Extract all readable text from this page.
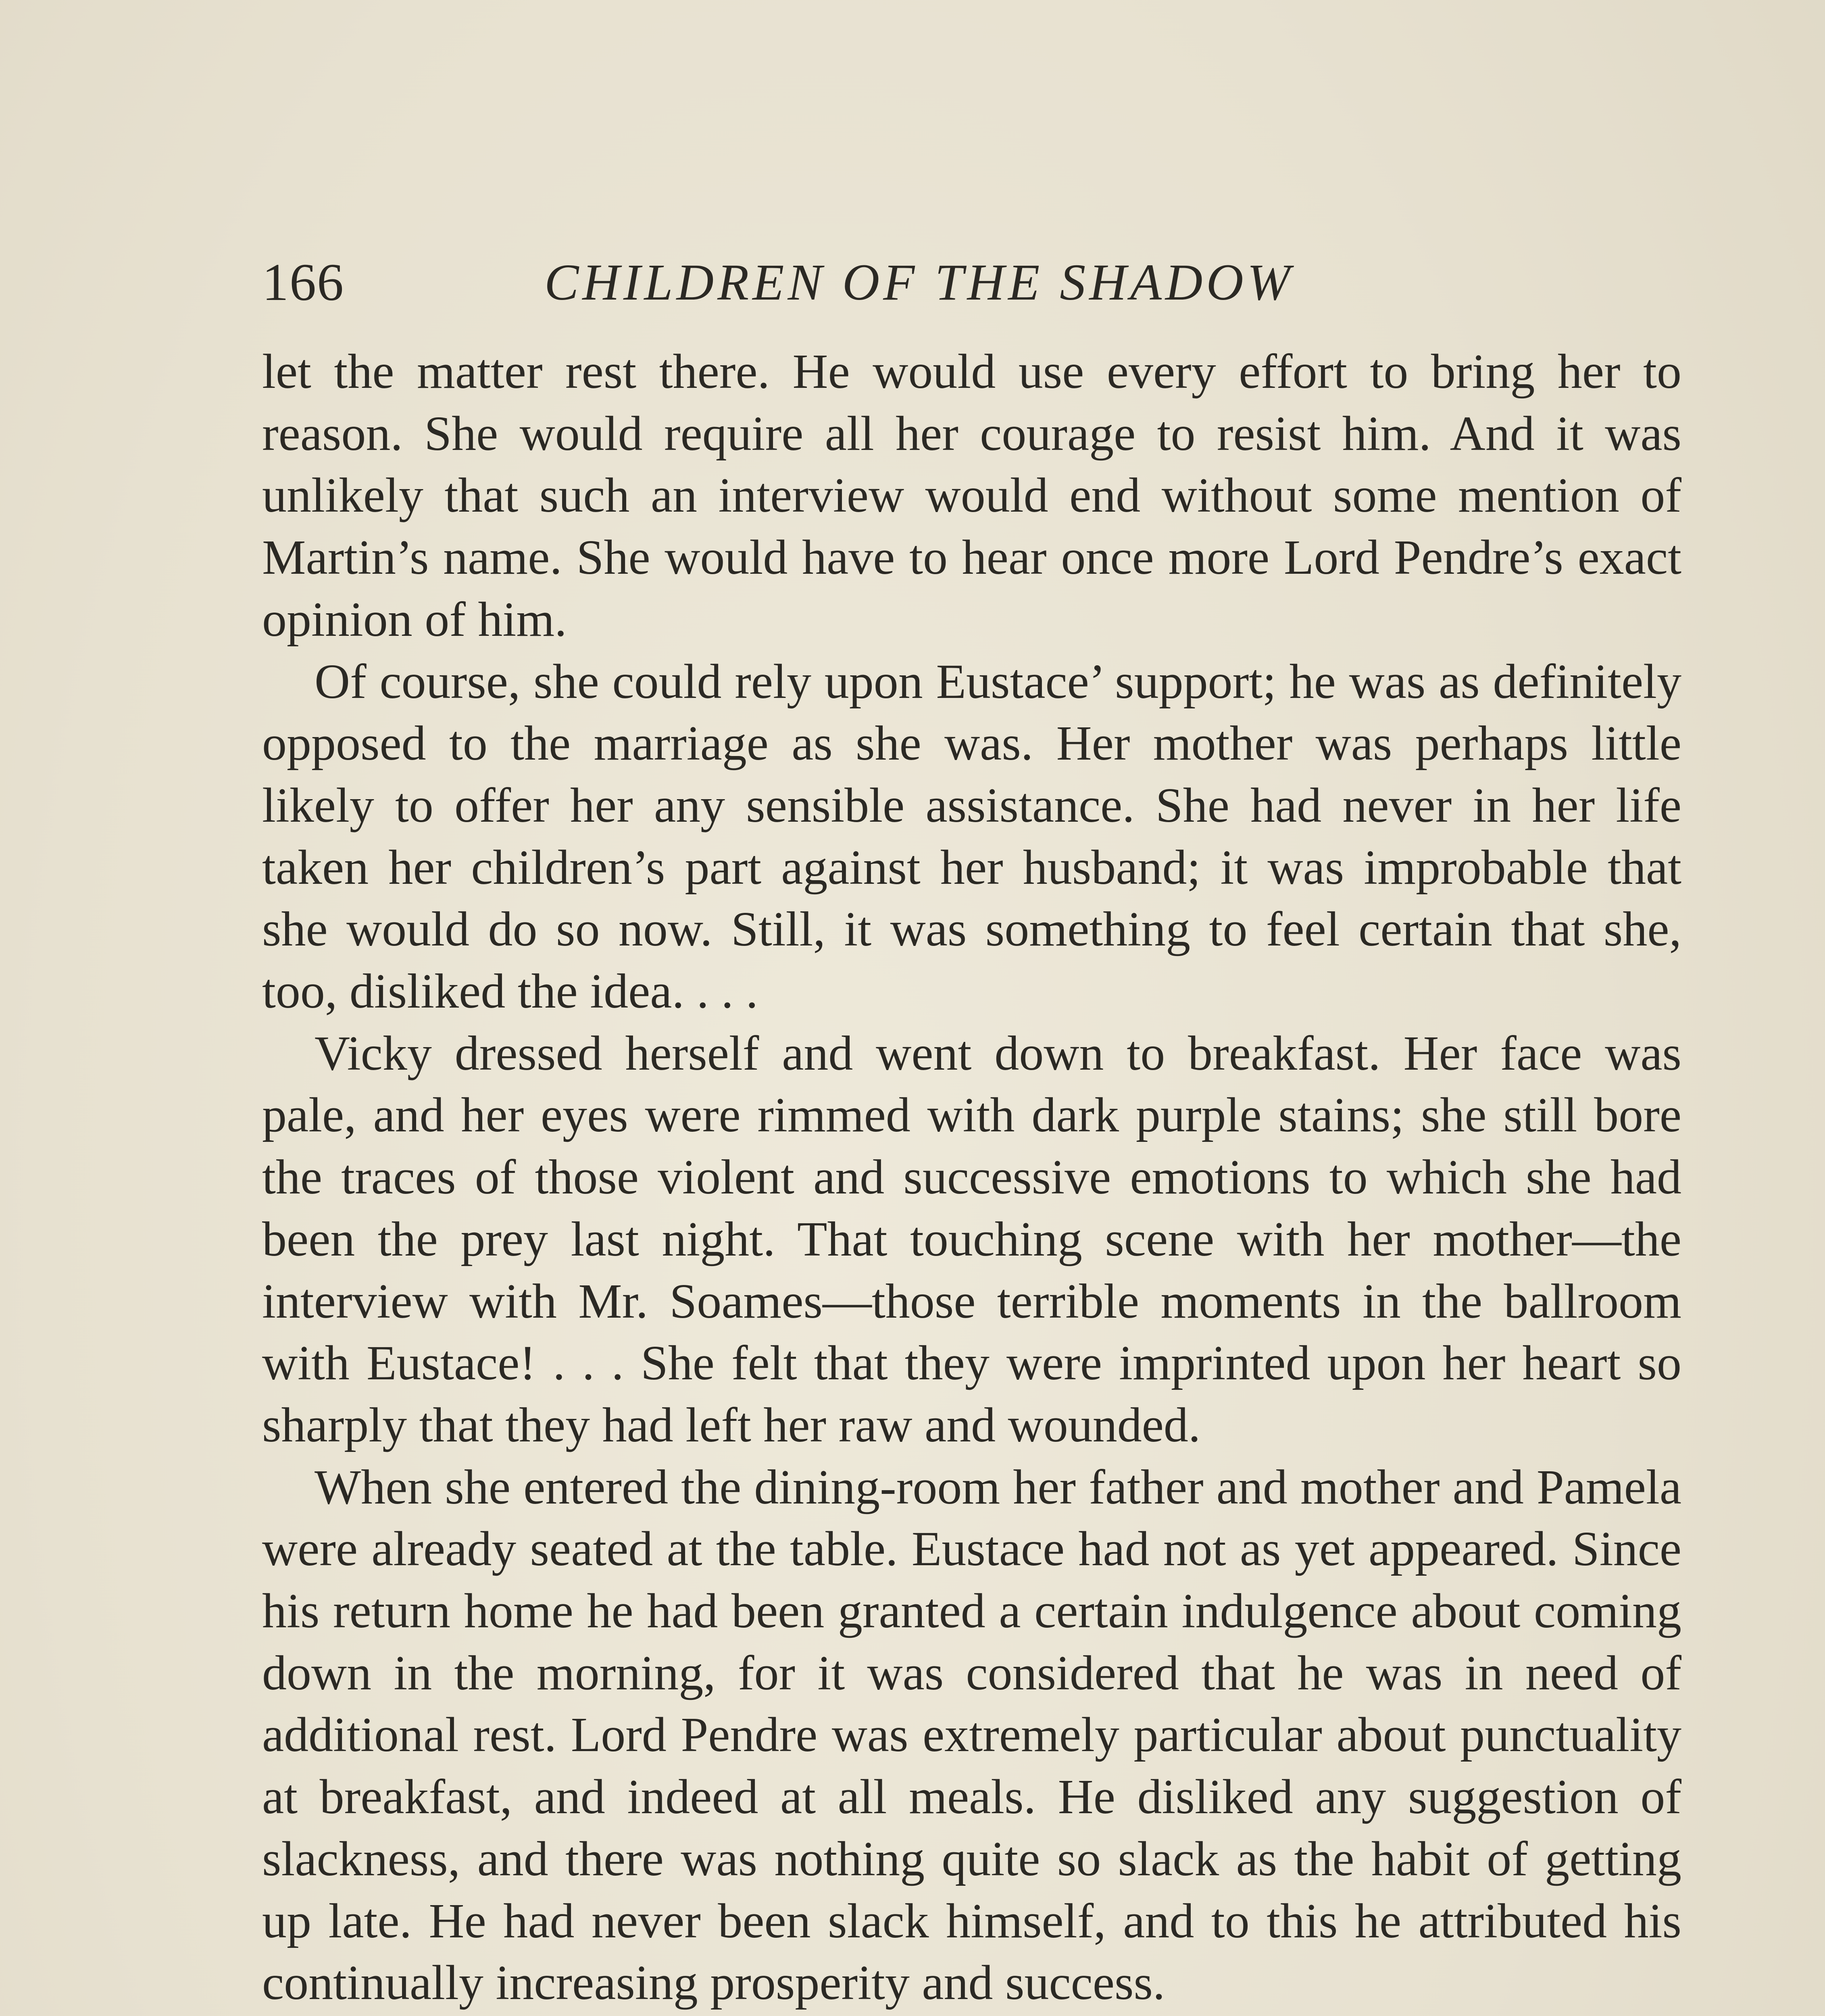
166	CHILDREN OF THE SHADOW

let the matter rest there. He would use every effort to bring her to reason. She would require all her courage to resist him. And it was unlikely that such an interview would end without some mention of Martin’s name. She would have to hear once more Lord Pendre’s exact opinion of him.

Of course, she could rely upon Eustace’ support; he was as definitely opposed to the marriage as she was. Her mother was perhaps little likely to offer her any sensible assistance. She had never in her life taken her children’s part against her husband; it was improbable that she would do so now. Still, it was something to feel certain that she, too, disliked the idea. . . .

Vicky dressed herself and went down to breakfast. Her face was pale, and her eyes were rimmed with dark purple stains; she still bore the traces of those violent and successive emotions to which she had been the prey last night. That touching scene with her mother—the interview with Mr. Soames—those terrible moments in the ballroom with Eustace! . . . She felt that they were imprinted upon her heart so sharply that they had left her raw and wounded.

When she entered the dining-room her father and mother and Pamela were already seated at the table. Eustace had not as yet appeared. Since his return home he had been granted a certain indulgence about coming down in the morning, for it was considered that he was in need of additional rest. Lord Pendre was extremely particular about punctuality at breakfast, and indeed at all meals. He disliked any suggestion of slackness, and there was nothing quite so slack as the habit of getting up late. He had never been slack himself, and to this he attributed his continually increasing prosperity and success.
